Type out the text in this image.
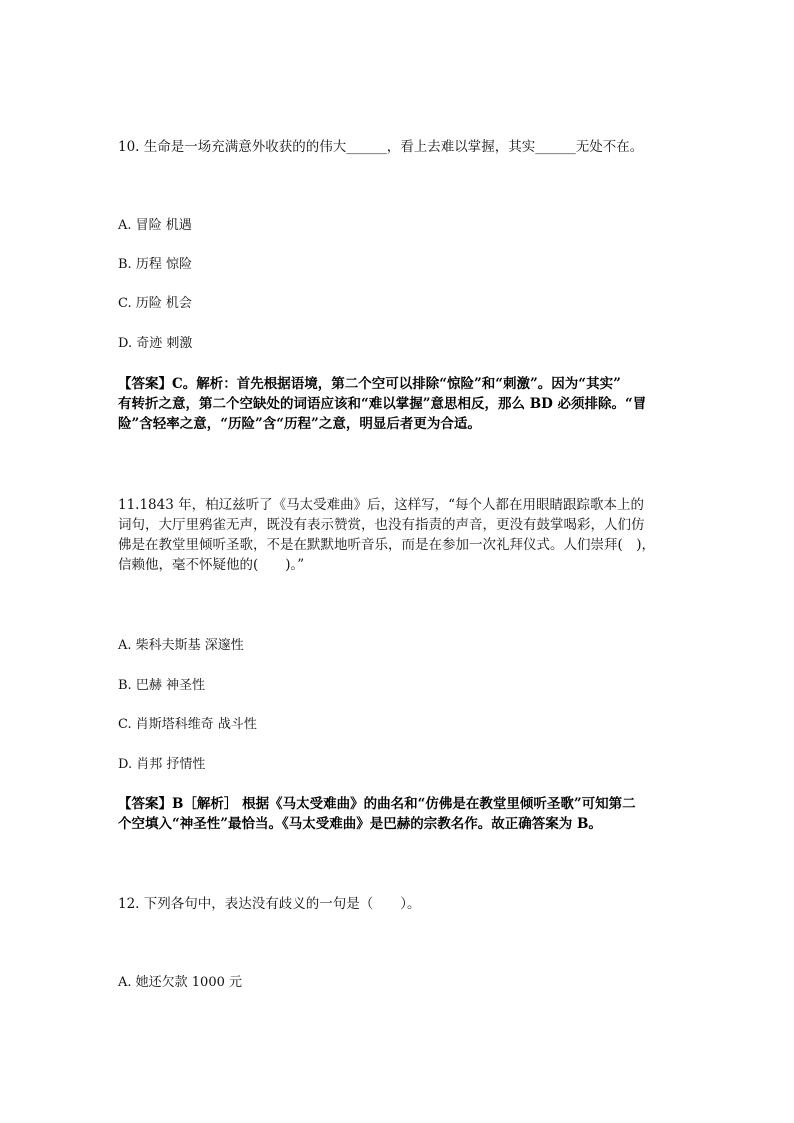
10. 生命是一场充满意外收获的的伟大______，看上去难以掌握，其实______无处不在。
A. 冒险 机遇
B. 历程 惊险
C. 历险 机会
D. 奇迹 刺激
【答案】C。解析：首先根据语境，第二个空可以排除“惊险”和“刺激”。因为“其实”
有转折之意，第二个空缺处的词语应该和“难以掌握”意思相反，那么 BD 必须排除。“冒
险”含轻率之意，“历险”含“历程”之意，明显后者更为合适。
11.1843 年，柏辽兹听了《马太受难曲》后，这样写，“每个人都在用眼睛跟踪歌本上的
词句，大厅里鸦雀无声，既没有表示赞赏，也没有指责的声音，更没有鼓掌喝彩，人们仿
佛是在教堂里倾听圣歌，不是在默默地听音乐，而是在参加一次礼拜仪式。人们崇拜(　)，
信赖他，毫不怀疑他的(　　)。”
A. 柴科夫斯基 深邃性
B. 巴赫 神圣性
C. 肖斯塔科维奇 战斗性
D. 肖邦 抒情性
【答案】B［解析］ 根据《马太受难曲》的曲名和“仿佛是在教堂里倾听圣歌”可知第二
个空填入“神圣性”最恰当。《马太受难曲》是巴赫的宗教名作。故正确答案为 B。
12. 下列各句中，表达没有歧义的一句是（　　）。
A. 她还欠款 1000 元
